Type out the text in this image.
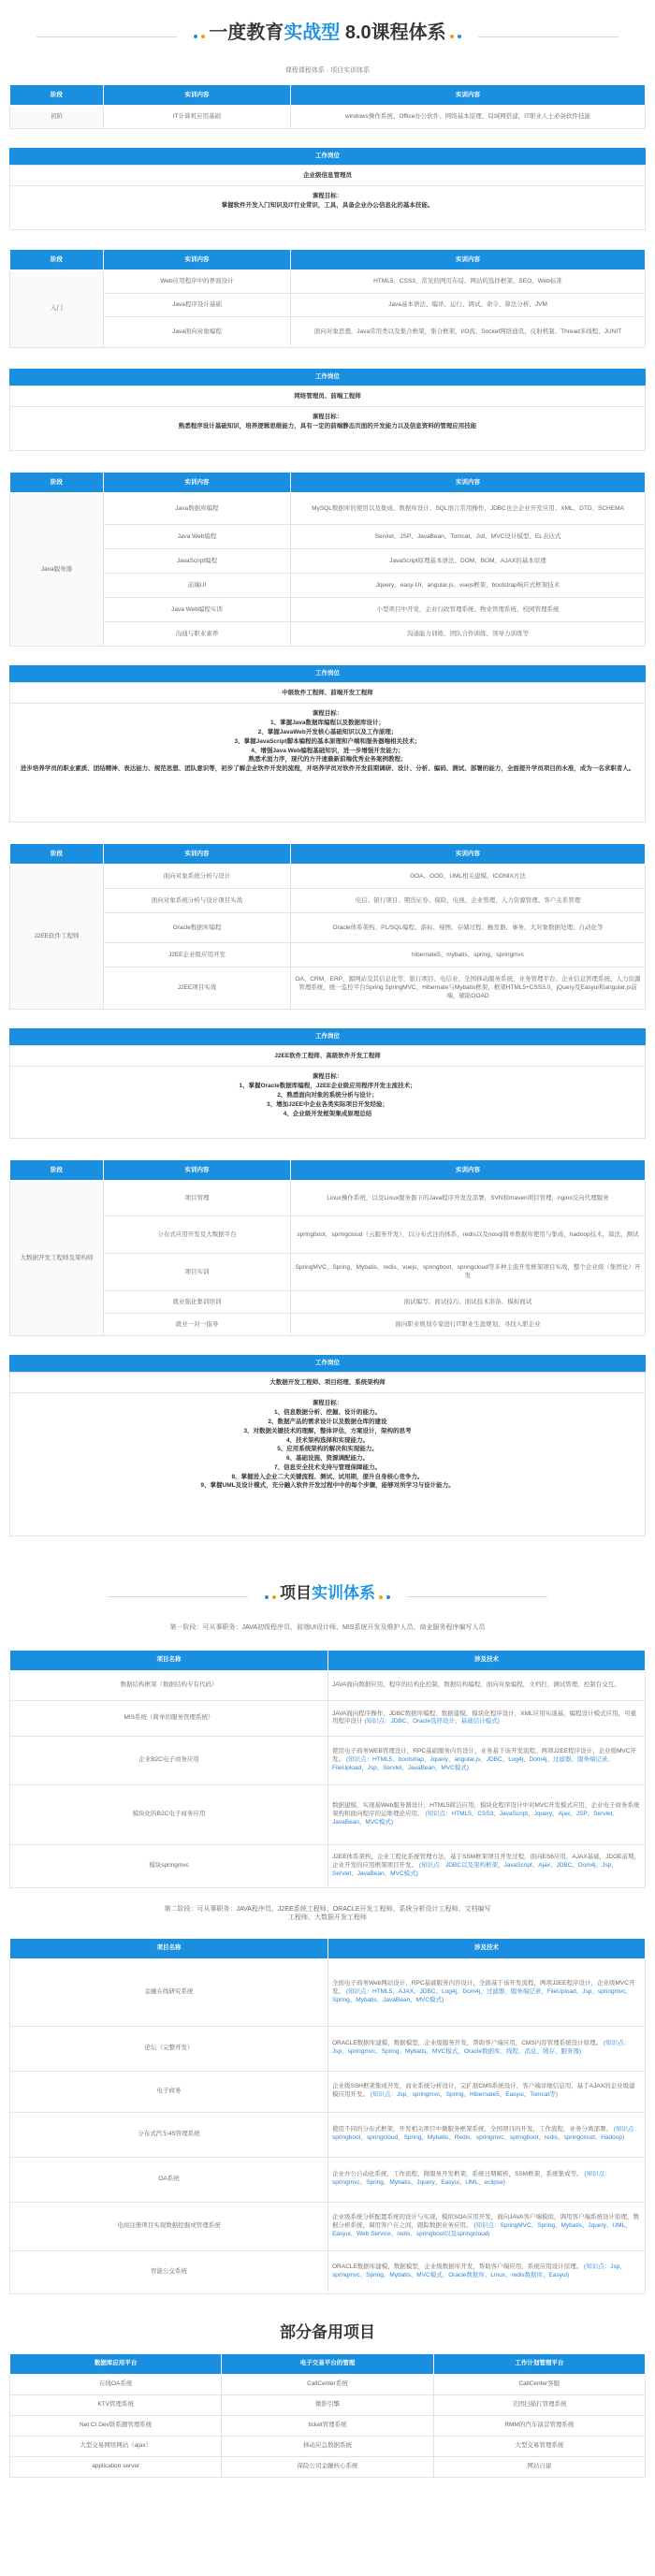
一度教育实战型 8.0课程体系
课程课程体系 · 项目实训体系
阶段	实训内容	实训内容
初阶	IT计算机应用基础	windows操作系统、Office办公软件、网络基本原理、局域网搭建，IT职业人士必备软件技能
工作岗位
企业级信息管理员
课程目标：
掌握软件开发入门知识及IT行业常识，工具，具备企业办公信息化的基本技能。
阶段	实训内容	实训内容
入门	Web应用程序中的界面设计	HTML5、CSS3、常见的网页布局、网站的选择框架、SEO、Web标准
	Java程序设计基础	Java基本语法、编译、运行、调试、命令、算法分析、JVM
	Java面向对象编程	面向对象思想，Java常用类以及集合框架，集合框架、I/O流、Socket网络通讯、反射机制、Thread多线程、JUNIT
工作岗位
网络管理员、前端工程师
课程目标：
熟悉程序设计基础知识，培养逻辑思维能力，具有一定的前端静态页面的开发能力以及信息资料的管理应用技能
阶段	实训内容	实训内容
Java服务器	Java数据库编程	MySQL数据库的使用以及集成、数据库设计、SQL语言常用操作、JDBC也会企业开发应用、XML、DTD、SCHEMA
	Java Web编程	Servlet、JSP、JavaBean、Tomcat、Jstl、MVC设计模型、EL表达式
	JavaScript编程	JavaScript原理基本语法、DOM、BOM、AJAX的基本原理
	前端UI	Jquery、easy-UI、angular.js、vuejs框架、bootstrap响应式框架技术
	Java Web编程实训	小型项目中开发，企业行政管理系统、物业管理系统、校园管理系统
	沟通与职业素养	沟通能力训练、团队合作训练、领导力训练等
工作岗位
中级软件工程师、前端开发工程师
课程目标：
1、掌握Java数据库编程以及数据库设计；
2、掌握JavaWeb开发核心基础知识以及工作原理；
3、掌握JavaScript脚本编程的基本原理和户端和服务器端相关技术；
4、增强Java Web编程基础知识，进一步增强开发能力；
熟悉术面力序，现代的方开速最新前端优秀业务案例教程；
进步培养学员的职业素质、团结精神、表达能力、规范思想、团队意识等，初步了解企业软件开发的流程，并培养学员对软件开发前期调研、设计、分析、编码、测试、部署的能力，全面提升学员项目的水准，成为一名求职者人。
阶段	实训内容	实训内容
J2EE软件工程师	面向对象系统分析与设计	OOA、OOD、UML相关建模、ICONIX方法
	面向对象系统分析与设计项目实战	电信、银行项目、期货证券、保险、电视、企业管理、人力资源管理、客户关系管理
	Oracle数据库编程	Oracle体系架构、PL/SQL编程、游标、视图、存储过程、触发器、事务、大对象数据处理、自动化等
	J2EE企业级应用开发	hibernate5、mybatis、spring、springmvc
	J2EE项目实战	OA、CRM、ERP、源网站及其信息化等，银行项目、电信业、全国移动服务系统，业务管理平台、企业信息管理系统、人力资源管理系统，统一监控平台Spring SpringMVC、Hibernate与Mybatis框架，框架HTML5+CSS3.0，jQuery及Easyui和angular.js前端，辅助OOAD
工作岗位
J2EE软件工程师、高级软件开发工程师
课程目标：
1、掌握Oracle数据库编程，J2EE企业级应用程序开发主流技术；
2、熟悉面向对象的系统分析与设计；
3、增加J2EE中企业各类实际项目开发经验；
4、企业级开发框架集成原理总结
阶段	实训内容	实训内容
大数据开发工程师及架构师	项目管理	Linux操作系统，以及Linux服务器下的Java程序开发及部署，SVN和maven项目管理，nginx反向代理服务
	分布式应用开发及大数据平台	springboot，springcloud（云服务开发），以分布式注的体系，redis以及nosql简单数据库使用与集成，hadoop技术，算法，测试
	项目实训	SpringMVC、Spring、Mybatis、redis、vuejs、springboot、springcloud等多种主流开发框架项目实战，整个企业级（集团化）开发
	就业强化集训培训	面试编写、面试技巧、面试技术准备、模拟面试
	就业一对一指导	面向职业规划专家进行IT职业生涯规划，寻找入职企业
工作岗位
大数据开发工程师、项目经理、系统架构师
课程目标：
1、信息数据分析、挖掘、设计的能力。
2、数据产品的需求设计以及数据仓库的建设
3、对数据关键技术的理解，整体评估，方案设计，架构的思考
4、技术架构选择和实现能力。
5、应用系统架构的解决和实现能力。
6、基础设施、资源调配能力。
7、信息安全技术支持与管理保障能力。
8、掌握进入企业二大关键流程、测试、试用期，提升自身核心竞争力。
9、掌握UML及设计模式，充分融入软件开发过程中中的每个步骤，能够对所学习与设计能力。
项目实训体系
第一阶段：可从事职务：JAVA初级程序员、前端UI设计师、MIS系统开发及维护人员、商业服务程序编写人员
项目名称	涉及技术
数据结构框架（数据结构专有代码）	JAVA面向数据应用，程序的结构化控制，数据结构编程，面向对象编程，文档打，测试管理，控制台交互。
MIS系统（简单的服务管理系统）	JAVA面向程序操作，JDBC数据库编程，数据建模，模块化程序设计，XML应用实现基，编程设计模式应用，可重用程序设计 (知识点：JDBC、Oracle选择设计、基础信计模式)
企业B2C电子商务应用	使用电子商务WEB管理设计，RPC基础服务内容设计，业务基于该开发流程，两项J2EE程序设计，企业级MVC开发。 (知识点：HTML5、bootstrap、Jquery、angular.js、JDBC、Log4j、Dom4j、过滤器、服务端记录、FileUpload、Jsp、Servlet、JavaBean、MVC模式)
模块化的B2C电子商务应用	数据建模，实现基Web服务器设计，HTML5简洁应用，模块化程序设计中对MVC开发模式应用，企业电子商务系统架构和面向程序的运维理论应用。 (知识点：HTML5、CSS3、JavaScript、Jquery、Ajax、JSP、Servlet、JavaBean、MVC模式)
模块springmvc	J2EE体系架构，企业工程化系统管理方法，基于SSM框架项目开发过程，面向ES6应用，AJAX基础，JDOE前期，企业开发的应用框架项目开发。 (知识点：JDBC以及架构框架，JavaScript、Ajax、JDBC、Dom4j、Jsp、Servlet、JavaBean、MVC模式)
第二阶段：可从事职务：JAVA程序员、J2EE系统工程师、ORACLE开发工程师、系统分析设计工程师、文档编写
工程师、大数据开发工程师
项目名称	涉及技术
金融在线研究系统	全面电子商务Web网站设计，RPC基础服务内容设计，全面基于该开发流程，两项J2EE程序设计，企业级MVC开发。 (知识点：HTML5、AJAX、JDBC、Log4j、Dom4j、过滤器、服务端记录、FileUpload、Jsp、springmvc、Spring、Mybatis、JavaBean、MVC模式)
论坛（完整开发）	ORACLE数据库建模，数据模型，企业级服务开发，帮助客户端应用，CMS内容管理系统设计原理。 (知识点：Jsp、springmvc、Spring、Mybatis、MVC模式、Oracle数据库、线程、消息、缓存、服务器)
电子商务	企业级SSH框架集成开发，商业系统分析设计，完扩展CMS系统设计，客户端详细信息用，基于AJAX的企业级建模应用开发。 (知识点：Jsp、springmvc、Spring、Hibernate5、Easyui、Tomcat等)
分布式汽车4S管理系统	使用不同的分布式框架，开发相关项目中微服务框架系统，全国项目的开发，工作流程，业务分离部署。 (知识点：springboot、springcloud、Spring、Mybatis、Redis、springmvc、springboot、redis、springcloud、Hadoop)
OA系统	企业办公自动化系统，工作流程，微服务开发框架，系统日期解析，SSM框架，系统集成等。 (知识点：springmvc、Spring、Mybatis、Jquery、Easyui、UML、eclipse)
电商注册项目实现数据挖掘或管理系统	企业级系统分析配置系统的设计与实现，模拟SOA应用开发，面向JAVA客户端模拟，调用客户端系统设计原理，数据分析系统，调用客户在之间，跟踪数据业务应用。 (知识点：SpringMVC、Spring、Mybatis、Jquery、UML、Easyui、Web Service、redis、springboot以及springcloud)
智能公交系统	ORACLE数据库建模，数据模型，企业级数据库开发，帮助客户端应用，系统应用设计原理。 (知识点：Jsp、springmvc、Spring、Mybatis、MVC模式、Oracle数据库、Linux、redis数据库、Easyui)
部分备用项目
数据库应用平台	电子交易平台的管理	工作计划管理平台
在线OA系统	CallCenter系统	CallCenter客服
KTV管理系统	微影引擎	美团扫描打管理系统
Net Ct Dev联系题管理系统	ticket管理系统	RMM的汽车演营管理系统
大型交易网络网站（ajax）	移动应急数据系统	大型交易管理系统
application server	保险公司金融核心系统	网站自建
